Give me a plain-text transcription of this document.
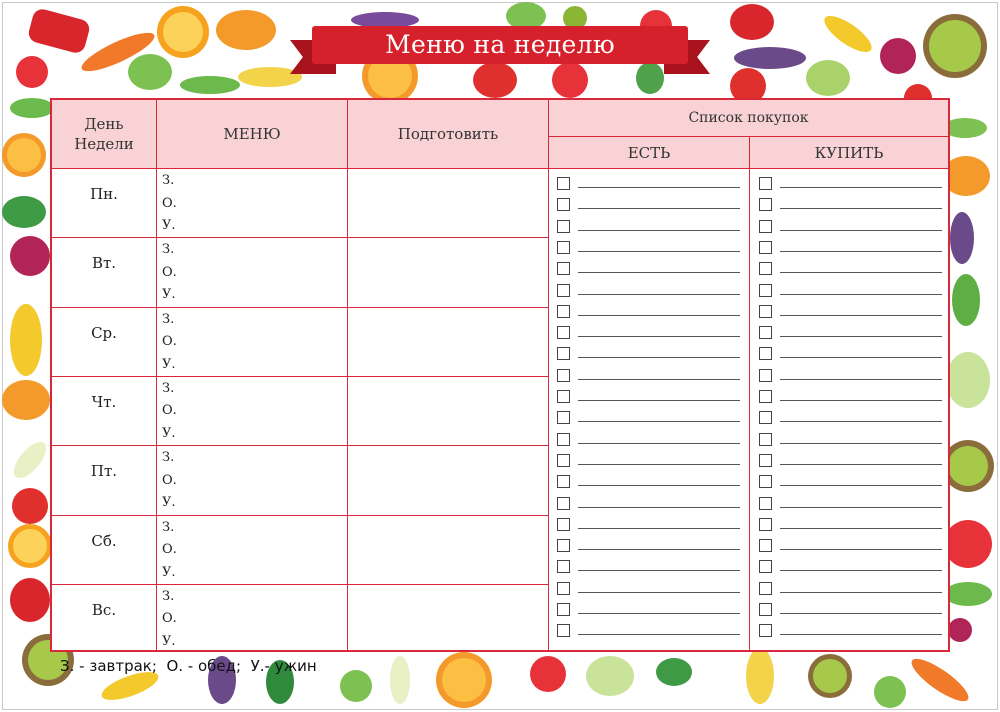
Меню на неделю
День
Недели
МЕНЮ	Подготовить
Список покупок
ЕСТЬ	КУПИТЬ
Пн.
З.
О.
У.
Вт.
З.
О.
У.
Ср.
З.
О.
У.
Чт.
З.
О.
У.
Пт.
З.
О.
У.
Сб.
З.
О.
У.
Вс.
З.
О.
У.
З. - завтрак;  О. - обед;  У.- ужин
